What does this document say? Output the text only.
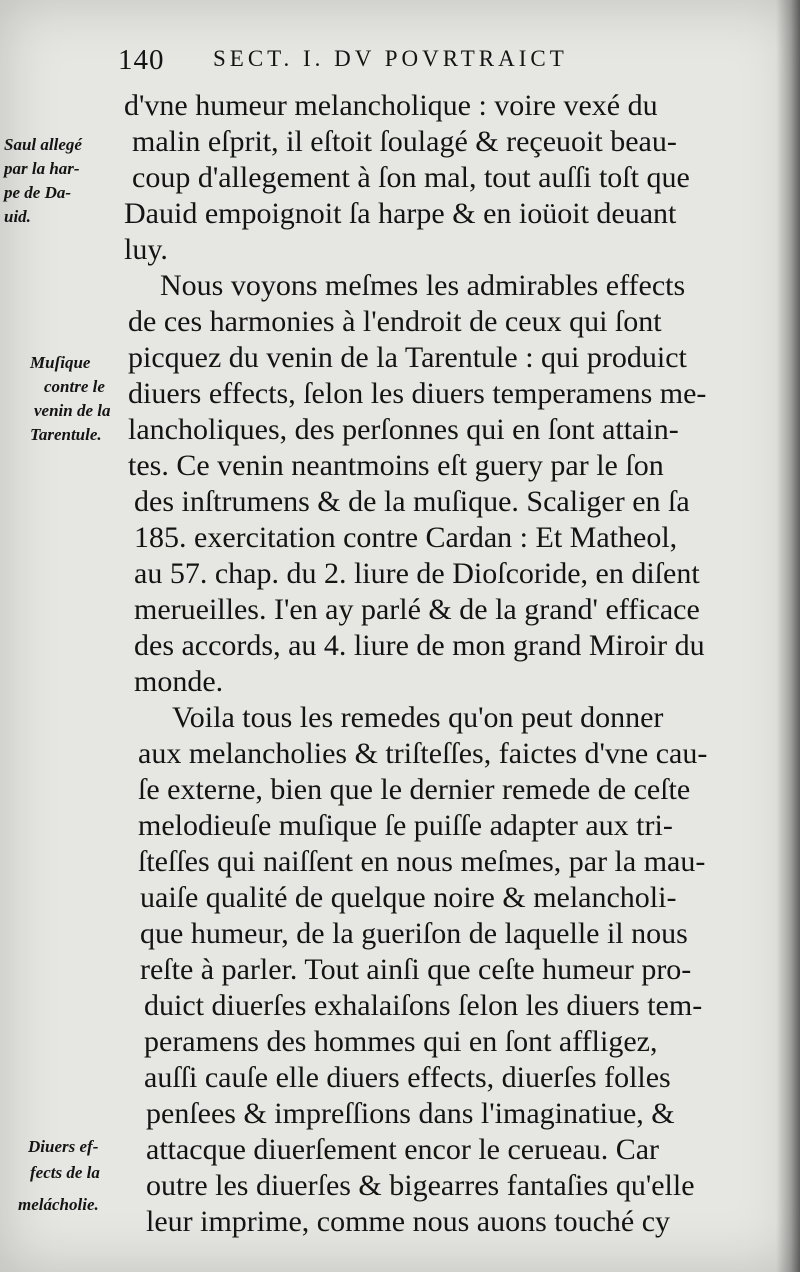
140 SECT. I. DV POVRTRAICT
d'vne humeur melancholique : voire vexé du
malin eſprit, il eſtoit ſoulagé & reçeuoit beau-
coup d'allegement à ſon mal, tout auſſi toſt que
Dauid empoignoit ſa harpe & en ioüoit deuant
luy.
Nous voyons meſmes les admirables effects
de ces harmonies à l'endroit de ceux qui ſont
picquez du venin de la Tarentule : qui produict
diuers effects, ſelon les diuers temperamens me-
lancholiques, des perſonnes qui en ſont attain-
tes. Ce venin neantmoins eſt guery par le ſon
des inſtrumens & de la muſique. Scaliger en ſa
185. exercitation contre Cardan : Et Matheol,
au 57. chap. du 2. liure de Dioſcoride, en diſent
merueilles. I'en ay parlé & de la grand' efficace
des accords, au 4. liure de mon grand Miroir du
monde.
Voila tous les remedes qu'on peut donner
aux melancholies & triſteſſes, faictes d'vne cau-
ſe externe, bien que le dernier remede de ceſte
melodieuſe muſique ſe puiſſe adapter aux tri-
ſteſſes qui naiſſent en nous meſmes, par la mau-
uaiſe qualité de quelque noire & melancholi-
que humeur, de la gueriſon de laquelle il nous
reſte à parler. Tout ainſi que ceſte humeur pro-
duict diuerſes exhalaiſons ſelon les diuers tem-
peramens des hommes qui en ſont affligez,
auſſi cauſe elle diuers effects, diuerſes folles
penſees & impreſſions dans l'imaginatiue, &
attacque diuerſement encor le cerueau. Car
outre les diuerſes & bigearres fantaſies qu'elle
leur imprime, comme nous auons touché cy
Saul allegé
par la har-
pe de Da-
uid.
Muſique
contre le
venin de la
Tarentule.
Diuers ef-
fects de la
melácholie.
